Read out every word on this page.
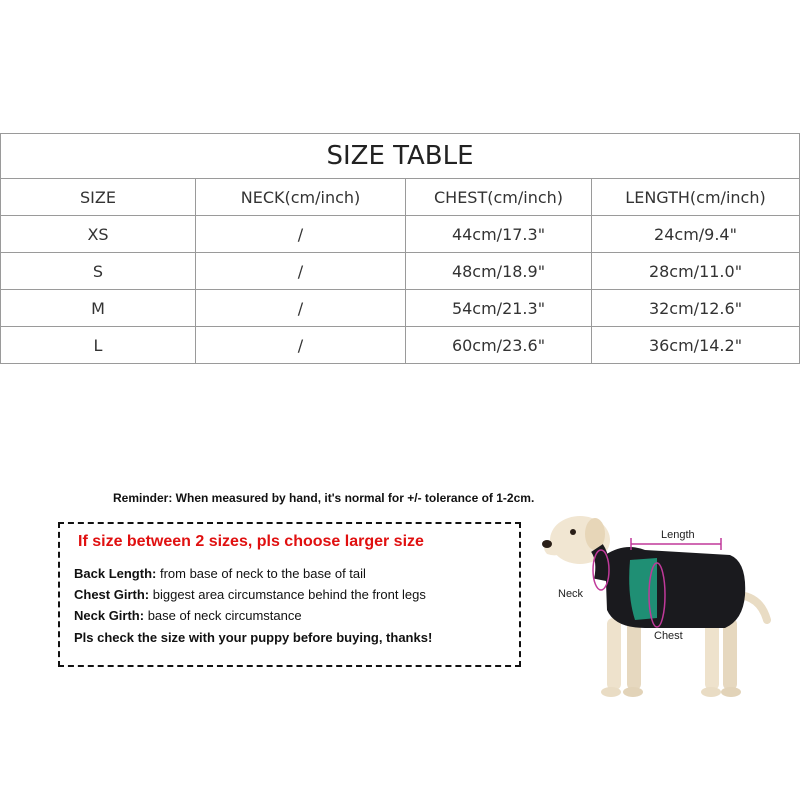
SIZE TABLE			
SIZE	NECK(cm/inch)	CHEST(cm/inch)	LENGTH(cm/inch)
XS	/	44cm/17.3"	24cm/9.4"
S	/	48cm/18.9"	28cm/11.0"
M	/	54cm/21.3"	32cm/12.6"
L	/	60cm/23.6"	36cm/14.2"
Reminder: When measured by hand, it's normal for +/- tolerance of 1-2cm.
If size between 2 sizes, pls choose larger size
Back Length: from base of neck to the base of tail
Chest Girth: biggest area circumstance behind the front legs
Neck Girth: base of neck circumstance
Pls check the size with your puppy before buying, thanks!
Length
Neck
Chest
